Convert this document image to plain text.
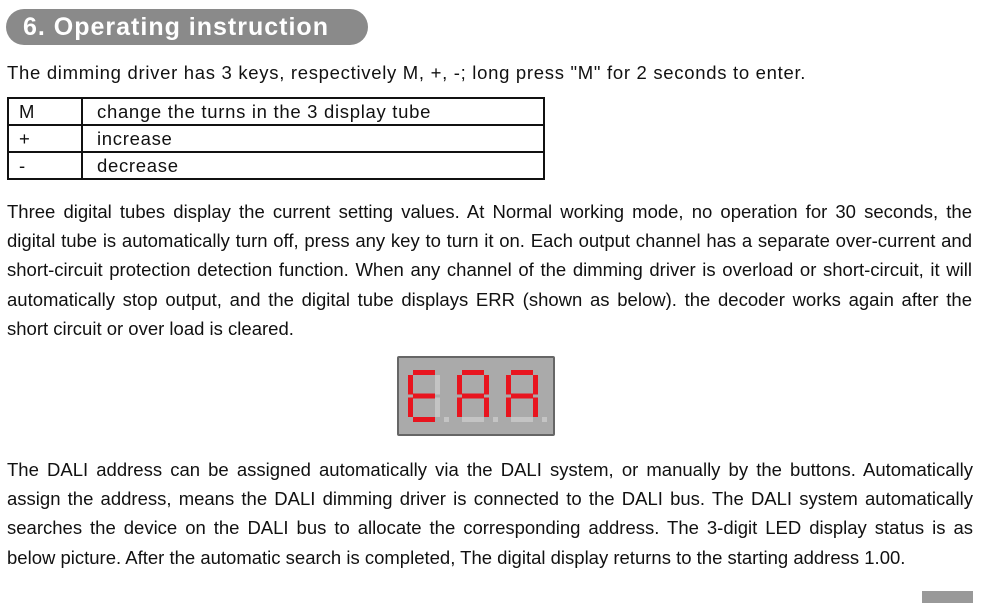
6. Operating instruction
The dimming driver has 3 keys, respectively M, +, -; long press "M" for 2 seconds to enter.
M	change the turns in the 3 display tube
+	increase
-	decrease
Three digital tubes display the current setting values. At Normal working mode, no operation for 30 seconds, the digital tube is automatically turn off, press any key to turn it on. Each output channel has a separate over-current and short-circuit protection detection function. When any channel of the dimming driver is overload or short-circuit, it will automatically stop output, and the digital tube displays ERR (shown as below). the decoder works again after the short circuit or over load is cleared.
The DALI address can be assigned automatically via the DALI system, or manually by the buttons. Automatically assign the address, means the DALI dimming driver is connected to the DALI bus. The DALI system automatically searches the device on the DALI bus to allocate the corresponding address. The 3-digit LED display status is as below picture. After the automatic search is completed, The digital display returns to the starting address 1.00.
